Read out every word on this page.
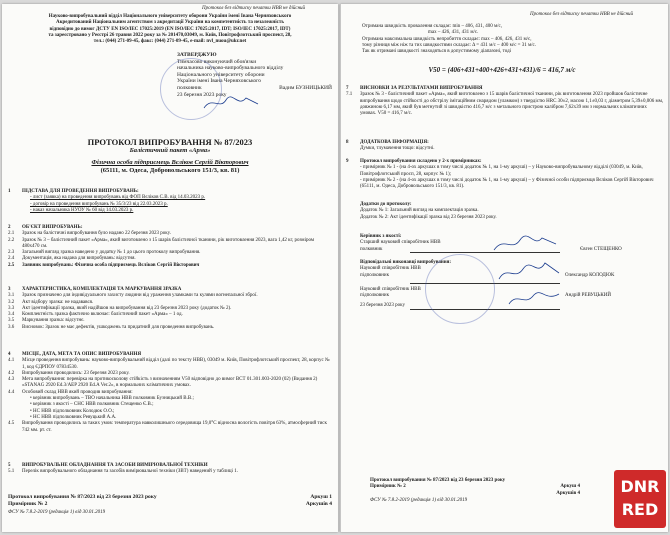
Протокол без відтиску печатки НВВ не дійсний
Науково-випробувальний відділ Національного університету оборони України імені Івана Черняховського
Акредитований Національним агентством з акредитації України на компетентність та незалежність
відповідно до вимог ДСТУ EN ISO/IEC 17025:2019 (EN ISO/IEC 17025:2017, IDT; ISO/IEC 17025:2017, IDT)
та зареєстровано у Реєстрі 26 травня 2022 року за № 201470,03049, м. Київ, Повітрофлотський проспект, 28,
тел.: (044) 271-09-45, факс: (044) 271-09-45, e-mail: nvl_nuou@ukr.net
ЗАТВЕРДЖУЮ
Тимчасово виконуючий обов'язки
начальника науково-випробувального відділу
Національного університету оборони
України імені Івана Черняховського
полковник	Вадим БУЗНИЦЬКИЙ
23 березня 2023 року
ПРОТОКОЛ ВИПРОБУВАННЯ № 87/2023
Балістичний пакет «Арма»
Фізична особа підприємець Вєліков Сергій Вікторович
(65111, м. Одеса, Добровольського 151/3, кв. 81)
1	ПІДСТАВА ДЛЯ ПРОВЕДЕННЯ ВИПРОБУВАНЬ:
- лист (заявка) на проведення випробувань від ФОП Вєліков С.В. від 14.03.2023 р.
- договір на проведення випробувань № 35/3/23 від 22.03.2023 р.
- наказ начальника НУОУ № 60 від 14.03.2023 р.
2	ОБ'ЄКТ ВИПРОБУВАНЬ:
2.1	Зразок на балістичні випробування було надано 22 березня 2023 року.
2.2	Зразок № 3 – балістичний пакет «Арма», який виготовлено з 15 шарів балістичної тканини, рік виготовлення 2023, вага 1,42 кг, розміром 480х470 см.
2.3	Загальний вигляд зразка наведено у додатку № 1 до цього протоколу випробування.
2.4	Документація, яка надана для випробувань: відсутня.
2.5	Заявник випробувань: Фізична особа підприємець Вєліков Сергій Вікторович
3	ХАРАКТЕРИСТИКА, КОМПЛЕКТАЦІЯ ТА МАРКУВАННЯ ЗРАЗКА
3.1	Зразок призначено для індивідуального захисту людини від ураження уламками та кулями вогнепальної зброї.
3.2	Акт відбору зразка: не надавався.
3.3	Акт ідентифікації зразка, який надійшов на випробування від 23 березня 2023 року (додаток № 2).
3.4	Комплектність зразка фактично включає: балістичний пакет «Арма» – 1 од.
3.5	Маркування зразка: відсутнє.
3.6	Висновок: Зразок не має дефектів, ушкоджень та придатний для проведення випробувань.
4	МІСЦЕ, ДАТА, МЕТА ТА ОПИС ВИПРОБУВАННЯ
4.1	Місце проведення випробувань: науково-випробувальний відділ (далі по тексту НВВ), 03049 м. Київ, Повітрофлотський проспект, 28, корпус № 1, код ЄДРПОУ 07834530.
4.2	Випробування проводились: 23 березня 2023 року.
4.3	Мета випробування: перевірка на протикосколову стійкість з визначенням V50 відповідно до вимог ВСТ 01.301.003-2020 (02) (Видання 2) «STANAG 2920 Ed.3/AEP 2920 Ed.A Ver.2», в нормальних кліматичних умовах.
4.4	Особовий склад НВВ який проводив випробування:
• керівник випробувань – ТВО начальника НВВ полковник Бузницький В.В.;
• керівник з якості – СНС НВВ полковник Стещенко Є.В.;
• НС НВВ підполковник Колодюк О.О.;
• НС НВВ підполковник Ревуцький А.А.
4.5	Випробування проводились за таких умов: температура навколишнього середовища 19,0°С відносна вологість повітря 63%, атмосферний тиск 742 мм. рт. ст.
5	ВИПРОБУВАЛЬНЕ ОБЛАДНАННЯ ТА ЗАСОБИ ВИМІРЮВАЛЬНОЇ ТЕХНІКИ
5.1	Перелік випробувального обладнання та засобів вимірювальної техніки (ЗВТ) наведений у таблиці 1.
Протокол випробування № 87/2023 від 23 березня 2023 року	Аркуш 1
Примірник № 2	Аркушів 4
ФСУ № 7.8.2-2019 (редакція 1) від 30.01.2019
Протокол без відтиску печатки НВВ не дійсний
Отримана швидкість провалення складає: min – 406, 431, 400 м/с,
max – 426, 431, 431 м/с.
Отримана максимальна швидкість непробиття складає: max – 406, 426, 431 м/с,
тому різниця між ніж та тих швидкостями складає: Δ = 431 м/с – 400 м/с = 31 м/с.
Так як отримані швидкості знаходяться в допустимому діапазоні, тоді
V50 = (406+431+400+426+431+431)/6 = 416,7 м/с
7	ВИСНОВКИ ЗА РЕЗУЛЬТАТАМИ ВИПРОБУВАННЯ
7.1	Зразок № 3 - балістичний пакет «Арма», який виготовлено з 15 шарів балістичної тканини, рік виготовлення 2023 пройшов балістичне випробування щодо стійкості до обстрілу імітаційним снарядом (уламком) з твердістю HRC 30±2, масою 1,1±0,03 г, діаметром 5,39±0,006 мм, довжиною 6,17 мм, який був метнутий зі швидкістю 416,7 м/с з метального пристрою калібром 7,62х39 мм з нормальних кліматичних умовах. V50 = 416,7 м/с.
8	ДОДАТКОВА ІНФОРМАЦІЯ:
Думки, тлумачення тощо: відсутні.
9	Протокол випробування складено у 2-х примірниках:
- примірник № 1 - (на 4-ох аркушах в тому числі додаток № 1, на 1-му аркуші) – у Науково-випробувальному відділі (03049, м. Київ, Повітрофлотський просп, 28, корпус № 1);
- примірник № 2 - (на 4-ох аркушах в тому числі додаток № 1, на 1-му аркуші) – у Фізичної особи підприємця Вєліков Сергій Вікторович (65111, м. Одеса, Добровольського 151/3, кв. 81).
Додатки до протоколу:
Додаток № 1: Загальний вигляд на комплектація зразка.
Додаток № 2: Акт ідентифікації зразка від 23 березня 2023 року.
Керівник з якості:
Старший науковий співробітник НВВ
полковник	Євген СТЕЩЕНКО
Відповідальні виконавці випробування:
Науковий співробітник НВВ
підполковник	Олександр КОЛОДЮК
Науковий співробітник НВВ
підполковник	Андрій РЕВУЦЬКИЙ
23 березня 2023 року
Протокол випробування № 87/2023 від 23 березня 2023 року
Примірник № 2	Аркуш 4
Аркушів 4
ФСУ № 7.8.2-2019 (редакція 1) від 30.01.2019
DNR
RED
